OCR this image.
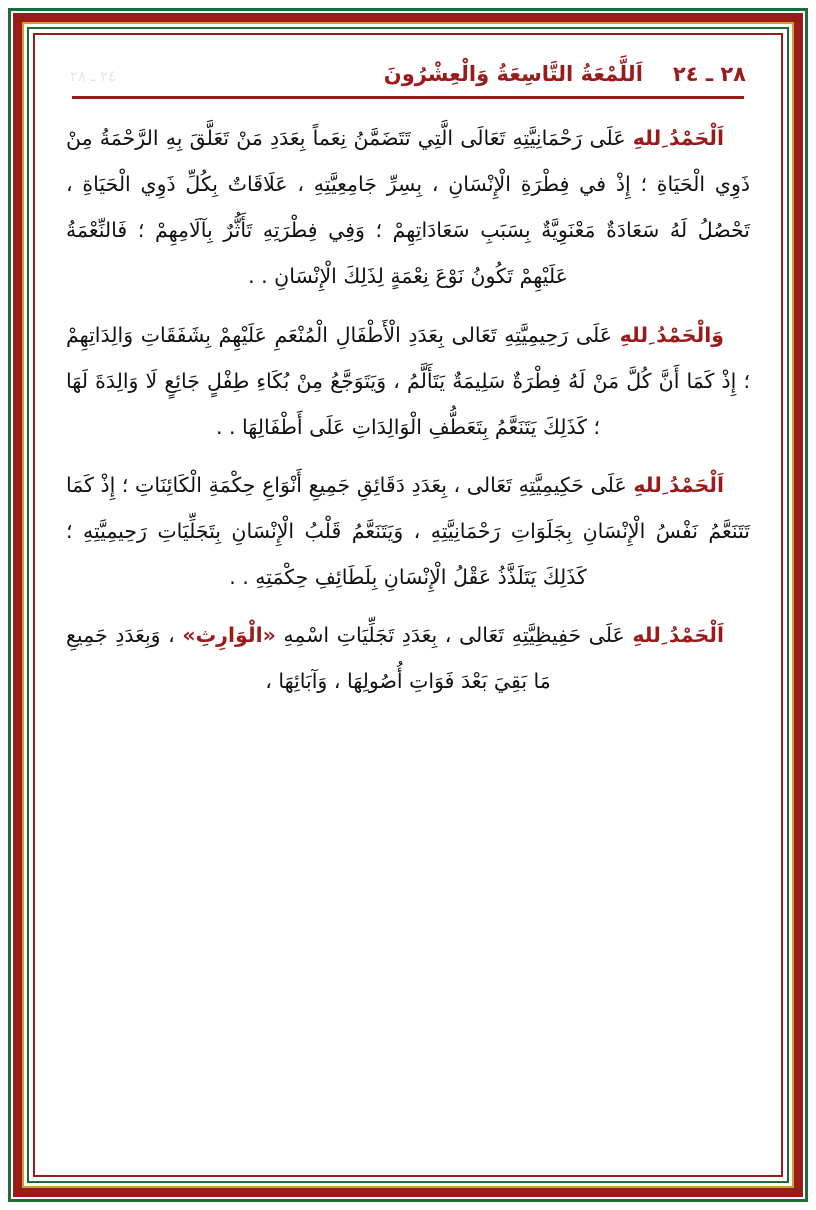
٢٨ ـ ٢٤
اَللَّمْعَةُ التَّاسِعَةُ وَالْعِشْرُونَ
٢٤ ـ ٢٨

اَلْحَمْدُ ِللهِ عَلَى رَحْمَانِيَّتِهِ تَعَالَى الَّتِي تَتَضَمَّنُ نِعَماً بِعَدَدِ مَنْ تَعَلَّقَ بِهِ الرَّحْمَةُ مِنْ ذَوِي الْحَيَاةِ ؛ إِذْ في فِطْرَةِ الْإِنْسَانِ ، بِسِرِّ جَامِعِيَّتِهِ ، عَلَاقَاتٌ بِكُلِّ ذَوِي الْحَيَاةِ ، تَحْصُلُ لَهُ سَعَادَةٌ مَعْنَوِيَّةٌ بِسَبَبِ سَعَادَاتِهِمْ ؛ وَفِي فِطْرَتِهِ تَأَثُّرٌ بِآلَامِهِمْ ؛ فَالنِّعْمَةُ عَلَيْهِمْ تَكُونُ نَوْعَ نِعْمَةٍ لِذَلِكَ الْإِنْسَانِ . .

وَالْحَمْدُ ِللهِ عَلَى رَحِيمِيَّتِهِ تَعَالى بِعَدَدِ الْأَطْفَالِ الْمُنْعَمِ عَلَيْهِمْ بِشَفَقَاتِ وَالِدَاتِهِمْ ؛ إِذْ كَمَا أَنَّ كُلَّ مَنْ لَهُ فِطْرَةٌ سَلِيمَةٌ يَتَأَلَّمُ ، وَيَتَوَجَّعُ مِنْ بُكَاءِ طِفْلٍ جَائِعٍ لَا وَالِدَةَ لَهَا ؛ كَذَلِكَ يَتَنَعَّمُ بِتَعَطُّفِ الْوَالِدَاتِ عَلَى أَطْفَالِهَا . .

اَلْحَمْدُ ِللهِ عَلَى حَكِيمِيَّتِهِ تَعَالى ، بِعَدَدِ دَقَائِقِ جَمِيعِ أَنْوَاعِ حِكْمَةِ الْكَائِنَاتِ ؛ إِذْ كَمَا تَتَنَعَّمُ نَفْسُ الْإِنْسَانِ بِجَلَوَاتِ رَحْمَانِيَّتِهِ ، وَيَتَنَعَّمُ قَلْبُ الْإِنْسَانِ بِتَجَلِّيَاتِ رَحِيمِيَّتِهِ ؛ كَذَلِكَ يَتَلَذَّذُ عَقْلُ الْإِنْسَانِ بِلَطَائِفِ حِكْمَتِهِ . .

اَلْحَمْدُ ِللهِ عَلَى حَفِيظِيَّتِهِ تَعَالى ، بِعَدَدِ تَجَلِّيَاتِ اسْمِهِ «الْوَارِثِ» ، وَبِعَدَدِ جَمِيعِ مَا بَقِيَ بَعْدَ فَوَاتِ أُصُولِهَا ، وَآبَائِهَا ،
